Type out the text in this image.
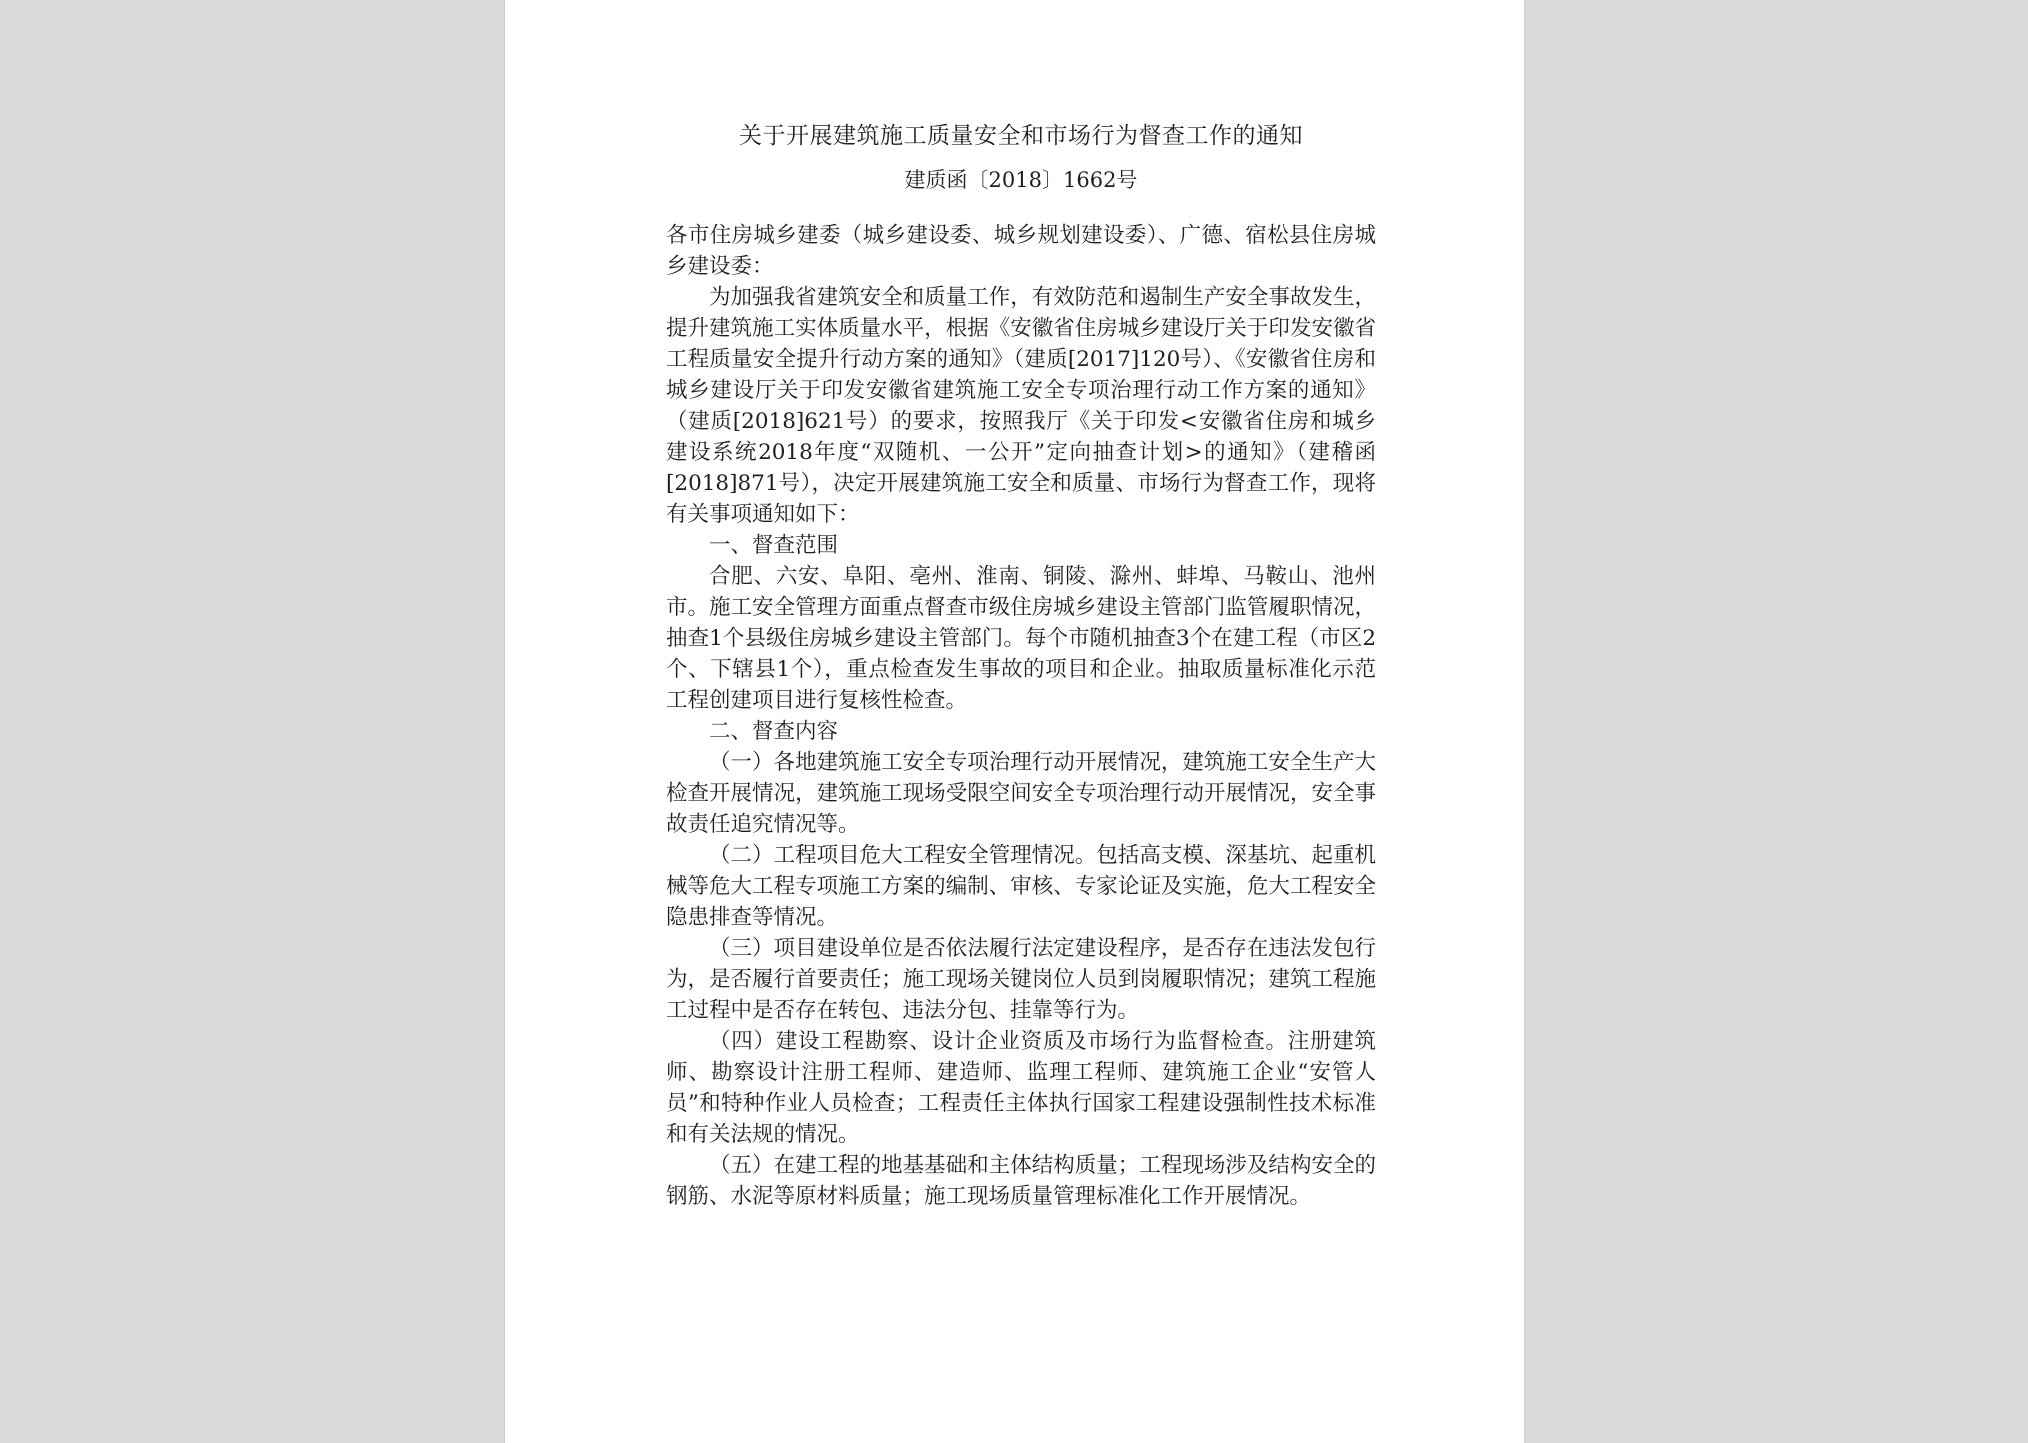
关于开展建筑施工质量安全和市场行为督查工作的通知

建质函〔2018〕1662号

各市住房城乡建委（城乡建设委、城乡规划建设委）、广德、宿松县住房城乡建设委：

为加强我省建筑安全和质量工作，有效防范和遏制生产安全事故发生，提升建筑施工实体质量水平，根据《安徽省住房城乡建设厅关于印发安徽省工程质量安全提升行动方案的通知》（建质[2017]120号）、《安徽省住房和城乡建设厅关于印发安徽省建筑施工安全专项治理行动工作方案的通知》（建质[2018]621号）的要求，按照我厅《关于印发<安徽省住房和城乡建设系统2018年度“双随机、一公开”定向抽查计划>的通知》（建稽函[2018]871号），决定开展建筑施工安全和质量、市场行为督查工作，现将有关事项通知如下：

一、督查范围

合肥、六安、阜阳、亳州、淮南、铜陵、滁州、蚌埠、马鞍山、池州市。施工安全管理方面重点督查市级住房城乡建设主管部门监管履职情况，抽查1个县级住房城乡建设主管部门。每个市随机抽查3个在建工程（市区2个、下辖县1个），重点检查发生事故的项目和企业。抽取质量标准化示范工程创建项目进行复核性检查。

二、督查内容

（一）各地建筑施工安全专项治理行动开展情况，建筑施工安全生产大检查开展情况，建筑施工现场受限空间安全专项治理行动开展情况，安全事故责任追究情况等。

（二）工程项目危大工程安全管理情况。包括高支模、深基坑、起重机械等危大工程专项施工方案的编制、审核、专家论证及实施，危大工程安全隐患排查等情况。

（三）项目建设单位是否依法履行法定建设程序，是否存在违法发包行为，是否履行首要责任；施工现场关键岗位人员到岗履职情况；建筑工程施工过程中是否存在转包、违法分包、挂靠等行为。

（四）建设工程勘察、设计企业资质及市场行为监督检查。注册建筑师、勘察设计注册工程师、建造师、监理工程师、建筑施工企业“安管人员”和特种作业人员检查；工程责任主体执行国家工程建设强制性技术标准和有关法规的情况。

（五）在建工程的地基基础和主体结构质量；工程现场涉及结构安全的钢筋、水泥等原材料质量；施工现场质量管理标准化工作开展情况。
